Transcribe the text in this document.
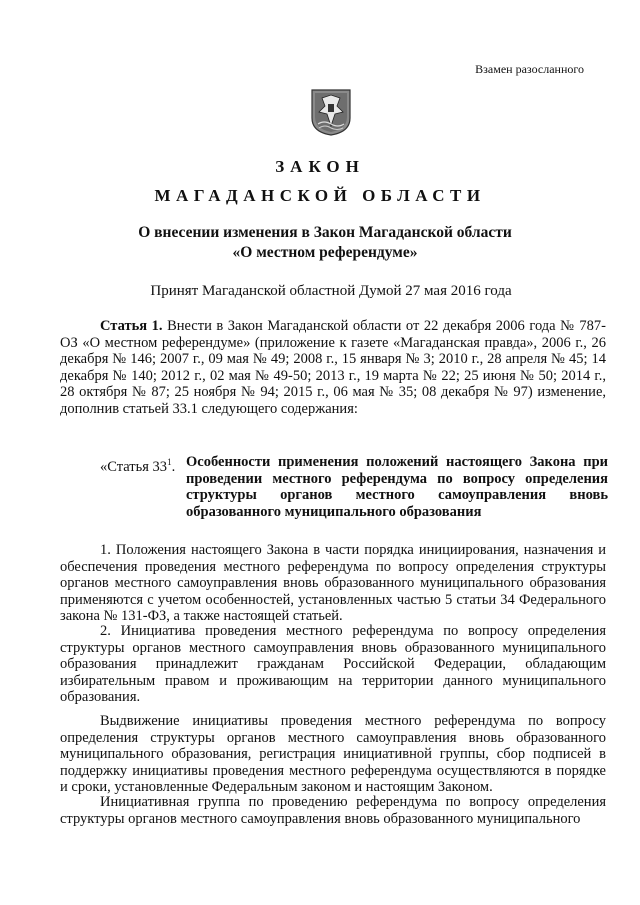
Взамен разосланного
ЗАКОН
МАГАДАНСКОЙ ОБЛАСТИ
О внесении изменения в Закон Магаданской области
«О местном референдуме»
Принят Магаданской областной Думой 27 мая 2016 года
Статья 1. Внести в Закон Магаданской области от 22 декабря 2006 года № 787-ОЗ «О местном референдуме» (приложение к газете «Магаданская правда», 2006 г., 26 декабря № 146; 2007 г., 09 мая № 49; 2008 г., 15 января № 3; 2010 г., 28 апреля № 45; 14 декабря № 140; 2012 г., 02 мая № 49-50; 2013 г., 19 марта № 22; 25 июня № 50; 2014 г., 28 октября № 87; 25 ноября № 94; 2015 г., 06 мая № 35; 08 декабря № 97) изменение, дополнив статьей 33.1 следующего содержания:
«Статья $33^1$. Особенности применения положений настоящего Закона при проведении местного референдума по вопросу определения структуры органов местного самоуправления вновь образованного муниципального образования
1. Положения настоящего Закона в части порядка инициирования, назначения и обеспечения проведения местного референдума по вопросу определения структуры органов местного самоуправления вновь образованного муниципального образования применяются с учетом особенностей, установленных частью 5 статьи 34 Федерального закона № 131-ФЗ, а также настоящей статьей.
2. Инициатива проведения местного референдума по вопросу определения структуры органов местного самоуправления вновь образованного муниципального образования принадлежит гражданам Российской Федерации, обладающим избирательным правом и проживающим на территории данного муниципального образования.
Выдвижение инициативы проведения местного референдума по вопросу определения структуры органов местного самоуправления вновь образованного муниципального образования, регистрация инициативной группы, сбор подписей в поддержку инициативы проведения местного референдума осуществляются в порядке и сроки, установленные Федеральным законом и настоящим Законом.
Инициативная группа по проведению референдума по вопросу определения структуры органов местного самоуправления вновь образованного муниципального
